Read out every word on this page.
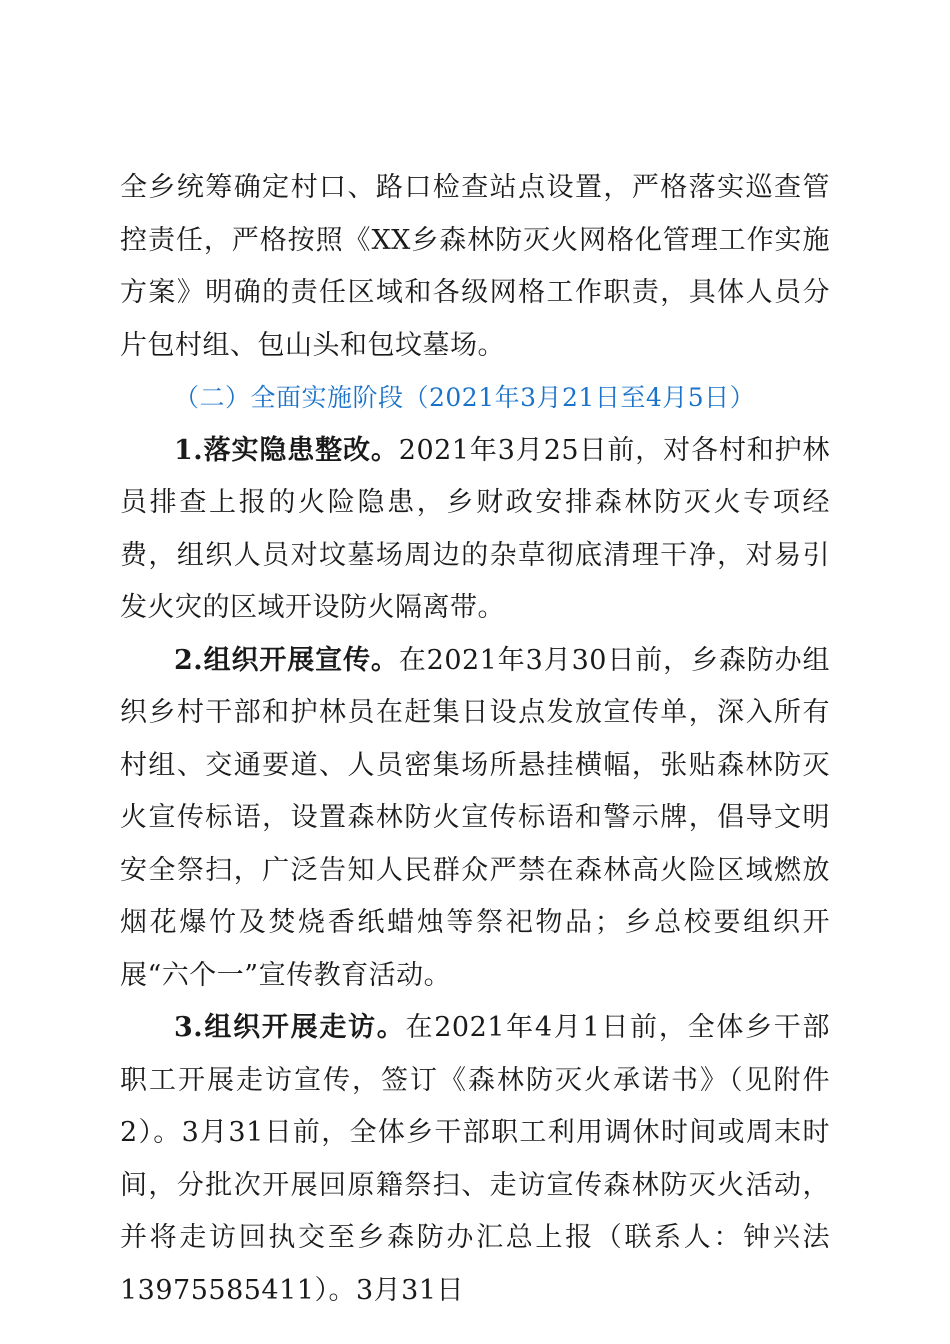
全乡统筹确定村口、路口检查站点设置，严格落实巡查管控责任，严格按照《XX乡森林防灭火网格化管理工作实施方案》明确的责任区域和各级网格工作职责，具体人员分片包村组、包山头和包坟墓场。

（二）全面实施阶段（2021年3月21日至4月5日）

1.落实隐患整改。2021年3月25日前，对各村和护林员排查上报的火险隐患，乡财政安排森林防灭火专项经费，组织人员对坟墓场周边的杂草彻底清理干净，对易引发火灾的区域开设防火隔离带。

2.组织开展宣传。在2021年3月30日前，乡森防办组织乡村干部和护林员在赶集日设点发放宣传单，深入所有村组、交通要道、人员密集场所悬挂横幅，张贴森林防灭火宣传标语，设置森林防火宣传标语和警示牌，倡导文明安全祭扫，广泛告知人民群众严禁在森林高火险区域燃放烟花爆竹及焚烧香纸蜡烛等祭祀物品；乡总校要组织开展“六个一”宣传教育活动。

3.组织开展走访。在2021年4月1日前，全体乡干部职工开展走访宣传，签订《森林防灭火承诺书》（见附件2）。3月31日前，全体乡干部职工利用调休时间或周末时间，分批次开展回原籍祭扫、走访宣传森林防灭火活动，并将走访回执交至乡森防办汇总上报（联系人：钟兴法13975585411）。3月31日
